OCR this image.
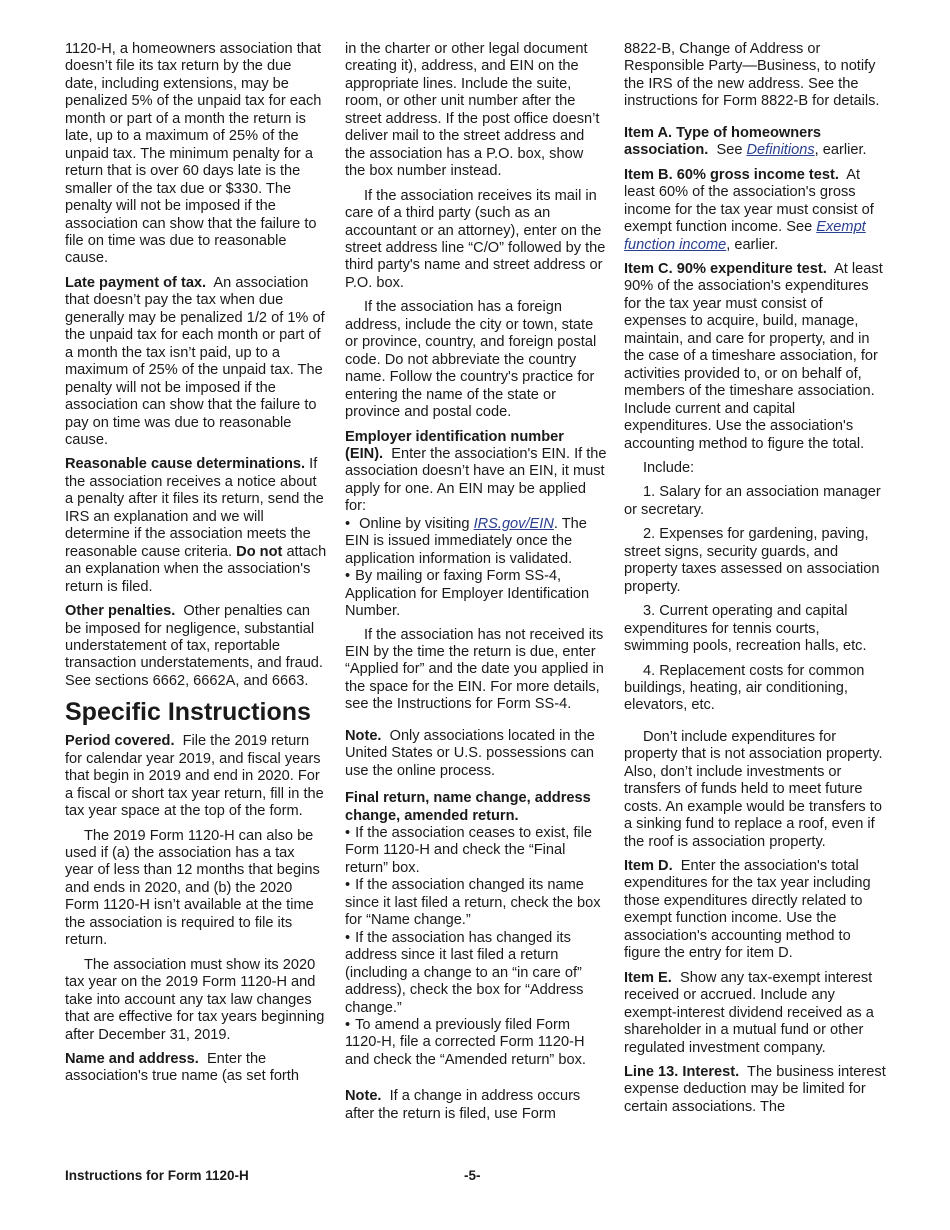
1120-H, a homeowners association that doesn’t file its tax return by the due date, including extensions, may be penalized 5% of the unpaid tax for each month or part of a month the return is late, up to a maximum of 25% of the unpaid tax. The minimum penalty for a return that is over 60 days late is the smaller of the tax due or $330. The penalty will not be imposed if the association can show that the failure to file on time was due to reasonable cause.

Late payment of tax. An association that doesn’t pay the tax when due generally may be penalized 1/2 of 1% of the unpaid tax for each month or part of a month the tax isn’t paid, up to a maximum of 25% of the unpaid tax. The penalty will not be imposed if the association can show that the failure to pay on time was due to reasonable cause.

Reasonable cause determinations. If the association receives a notice about a penalty after it files its return, send the IRS an explanation and we will determine if the association meets the reasonable cause criteria. Do not attach an explanation when the association's return is filed.

Other penalties. Other penalties can be imposed for negligence, substantial understatement of tax, reportable transaction understatements, and fraud. See sections 6662, 6662A, and 6663.

Specific Instructions

Period covered. File the 2019 return for calendar year 2019, and fiscal years that begin in 2019 and end in 2020. For a fiscal or short tax year return, fill in the tax year space at the top of the form.

The 2019 Form 1120-H can also be used if (a) the association has a tax year of less than 12 months that begins and ends in 2020, and (b) the 2020 Form 1120-H isn’t available at the time the association is required to file its return.

The association must show its 2020 tax year on the 2019 Form 1120-H and take into account any tax law changes that are effective for tax years beginning after December 31, 2019.

Name and address. Enter the association's true name (as set forth

in the charter or other legal document creating it), address, and EIN on the appropriate lines. Include the suite, room, or other unit number after the street address. If the post office doesn’t deliver mail to the street address and the association has a P.O. box, show the box number instead.

If the association receives its mail in care of a third party (such as an accountant or an attorney), enter on the street address line “C/O” followed by the third party's name and street address or P.O. box.

If the association has a foreign address, include the city or town, state or province, country, and foreign postal code. Do not abbreviate the country name. Follow the country's practice for entering the name of the state or province and postal code.

Employer identification number (EIN). Enter the association's EIN. If the association doesn’t have an EIN, it must apply for one. An EIN may be applied for:

• Online by visiting IRS.gov/EIN. The EIN is issued immediately once the application information is validated.

• By mailing or faxing Form SS-4, Application for Employer Identification Number.

If the association has not received its EIN by the time the return is due, enter “Applied for” and the date you applied in the space for the EIN. For more details, see the Instructions for Form SS-4.

Note. Only associations located in the United States or U.S. possessions can use the online process.

Final return, name change, address change, amended return.

• If the association ceases to exist, file Form 1120-H and check the “Final return” box.

• If the association changed its name since it last filed a return, check the box for “Name change.”

• If the association has changed its address since it last filed a return (including a change to an “in care of” address), check the box for “Address change.”

• To amend a previously filed Form 1120-H, file a corrected Form 1120-H and check the “Amended return” box.

Note. If a change in address occurs after the return is filed, use Form

8822-B, Change of Address or Responsible Party—Business, to notify the IRS of the new address. See the instructions for Form 8822-B for details.

Item A. Type of homeowners association. See Definitions, earlier.

Item B. 60% gross income test. At least 60% of the association's gross income for the tax year must consist of exempt function income. See Exempt function income, earlier.

Item C. 90% expenditure test. At least 90% of the association's expenditures for the tax year must consist of expenses to acquire, build, manage, maintain, and care for property, and in the case of a timeshare association, for activities provided to, or on behalf of, members of the timeshare association. Include current and capital expenditures. Use the association's accounting method to figure the total.

Include:

1. Salary for an association manager or secretary.

2. Expenses for gardening, paving, street signs, security guards, and property taxes assessed on association property.

3. Current operating and capital expenditures for tennis courts, swimming pools, recreation halls, etc.

4. Replacement costs for common buildings, heating, air conditioning, elevators, etc.

Don’t include expenditures for property that is not association property. Also, don’t include investments or transfers of funds held to meet future costs. An example would be transfers to a sinking fund to replace a roof, even if the roof is association property.

Item D. Enter the association's total expenditures for the tax year including those expenditures directly related to exempt function income. Use the association's accounting method to figure the entry for item D.

Item E. Show any tax-exempt interest received or accrued. Include any exempt-interest dividend received as a shareholder in a mutual fund or other regulated investment company.

Line 13. Interest. The business interest expense deduction may be limited for certain associations. The

Instructions for Form 1120-H	-5-
